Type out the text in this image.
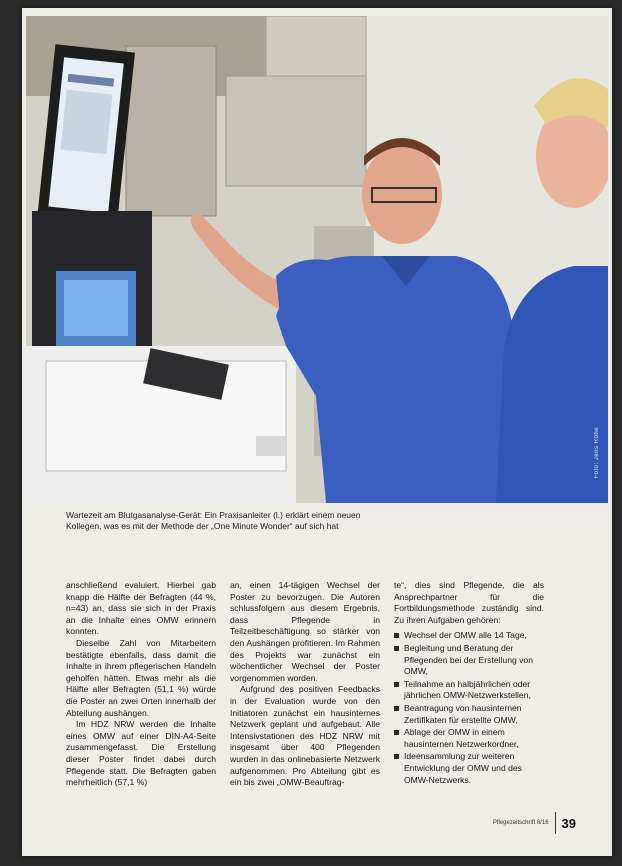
Foto: Jens Röhe
Wartezeit am Blutgasanalyse-Gerät: Ein Praxisanleiter (l.) erklärt einem neuen Kollegen, was es mit der Methode der „One Minute Wonder“ auf sich hat

anschließend evaluiert. Hierbei gab knapp die Hälfte der Befragten (44 %, n=43) an, dass sie sich in der Praxis an die Inhalte eines OMW erinnern konnten.

Dieselbe Zahl von Mitarbeitern bestätigte ebenfalls, dass damit die Inhalte in ihrem pflegerischen Handeln geholfen hätten. Etwas mehr als die Hälfte aller Befragten (51,1 %) würde die Poster an zwei Orten innerhalb der Abteilung aushängen.

Im HDZ NRW werden die Inhalte eines OMW auf einer DIN-A4-Seite zusammengefasst. Die Erstellung dieser Poster findet dabei durch Pflegende statt. Die Befragten gaben mehrheitlich (57,1 %)

an, einen 14-tägigen Wechsel der Poster zu bevorzugen. Die Autoren schlussfolgern aus diesem Ergebnis, dass Pflegende in Teilzeitbeschäftigung so stärker von den Aushängen profitieren. Im Rahmen des Projekts war zunächst ein wöchentlicher Wechsel der Poster vorgenommen worden.

Aufgrund des positiven Feedbacks in der Evaluation wurde von den Initiatoren zunächst ein hausinternes Netzwerk geplant und aufgebaut. Alle Intensivstationen des HDZ NRW mit insgesamt über 400 Pflegenden wurden in das onlinebasierte Netzwerk aufgenommen. Pro Abteilung gibt es ein bis zwei „OMW-Beauftrag-

te“, dies sind Pflegende, die als Ansprechpartner für die Fortbildungsmethode zuständig sind. Zu ihren Aufgaben gehören:

Wechsel der OMW alle 14 Tage,
Begleitung und Beratung der Pflegenden bei der Erstellung von OMW,
Teilnahme an halbjährlichen oder jährlichen OMW-Netzwerkstellen,
Beantragung von hausinternen Zertifikaten für erstellte OMW,
Ablage der OMW in einem hausinternen Netzwerkordner,
Ideensammlung zur weiteren Entwicklung der OMW und des OMW-Netzwerks.
Pflegezeitschrift 6/16 39
